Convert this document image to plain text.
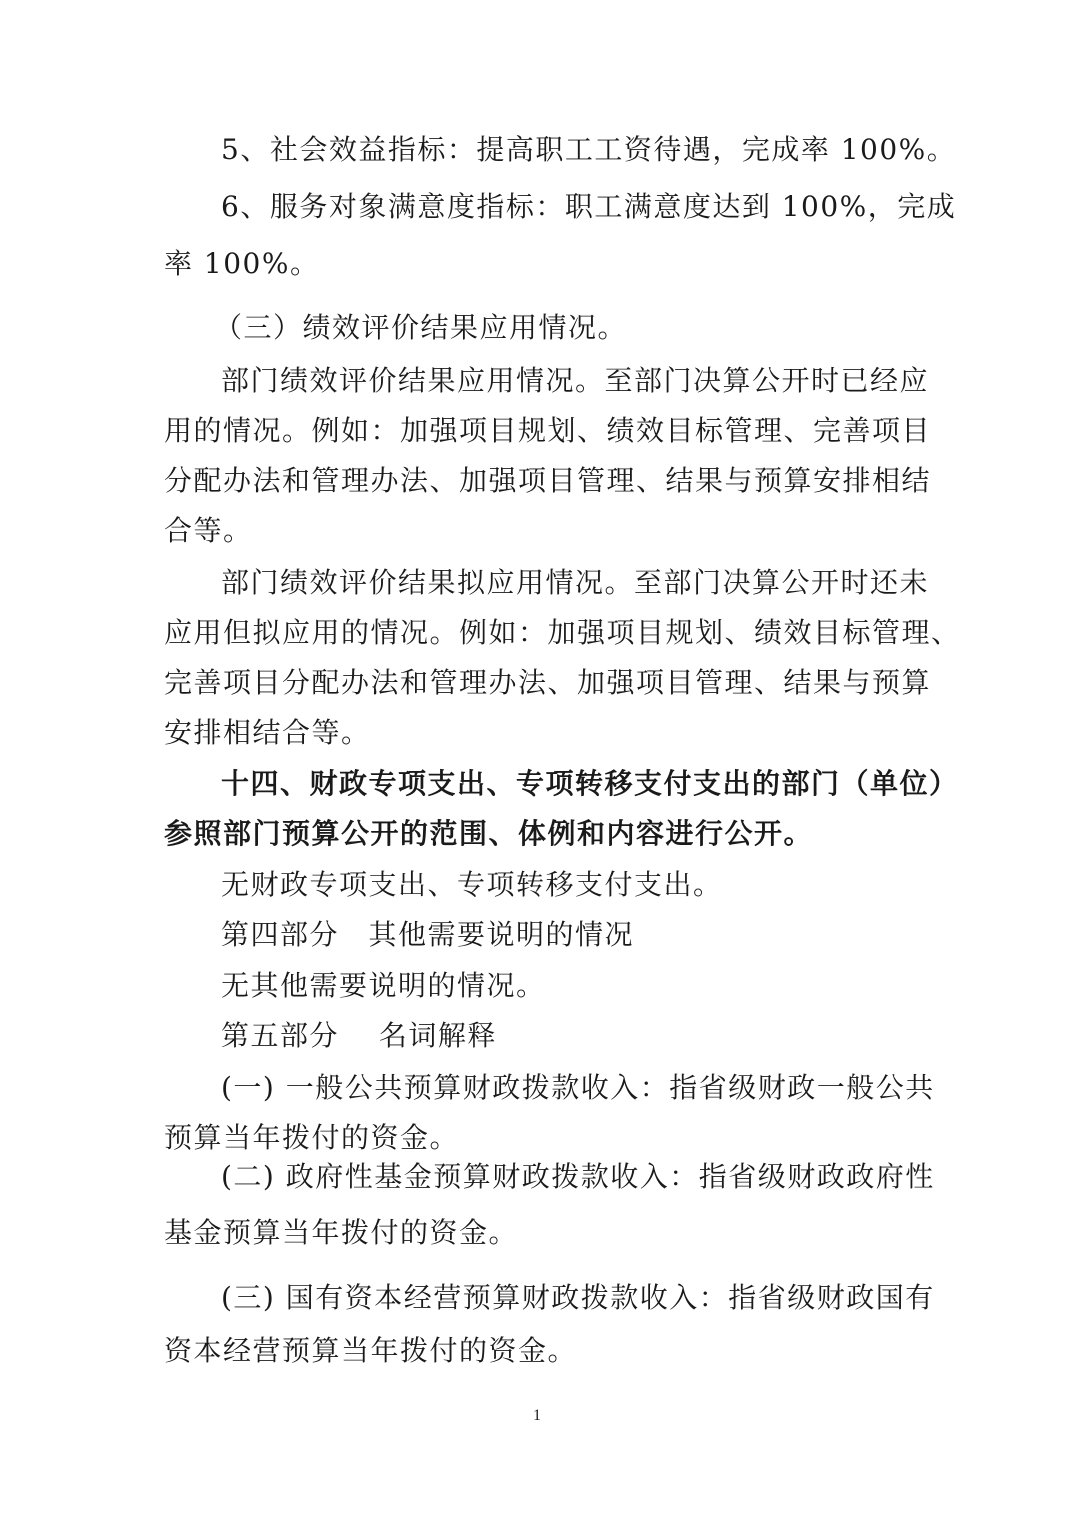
5、社会效益指标：提高职工工资待遇，完成率 100%。
6、服务对象满意度指标：职工满意度达到 100%，完成
率 100%。
（三）绩效评价结果应用情况。
部门绩效评价结果应用情况。至部门决算公开时已经应
用的情况。例如：加强项目规划、绩效目标管理、完善项目
分配办法和管理办法、加强项目管理、结果与预算安排相结
合等。
部门绩效评价结果拟应用情况。至部门决算公开时还未
应用但拟应用的情况。例如：加强项目规划、绩效目标管理、
完善项目分配办法和管理办法、加强项目管理、结果与预算
安排相结合等。
十四、财政专项支出、专项转移支付支出的部门（单位）
参照部门预算公开的范围、体例和内容进行公开。
无财政专项支出、专项转移支付支出。
第四部分　其他需要说明的情况
无其他需要说明的情况。
第五部分　 名词解释
(一) 一般公共预算财政拨款收入：指省级财政一般公共
预算当年拨付的资金。
(二) 政府性基金预算财政拨款收入：指省级财政政府性
基金预算当年拨付的资金。
(三) 国有资本经营预算财政拨款收入：指省级财政国有
资本经营预算当年拨付的资金。
1
